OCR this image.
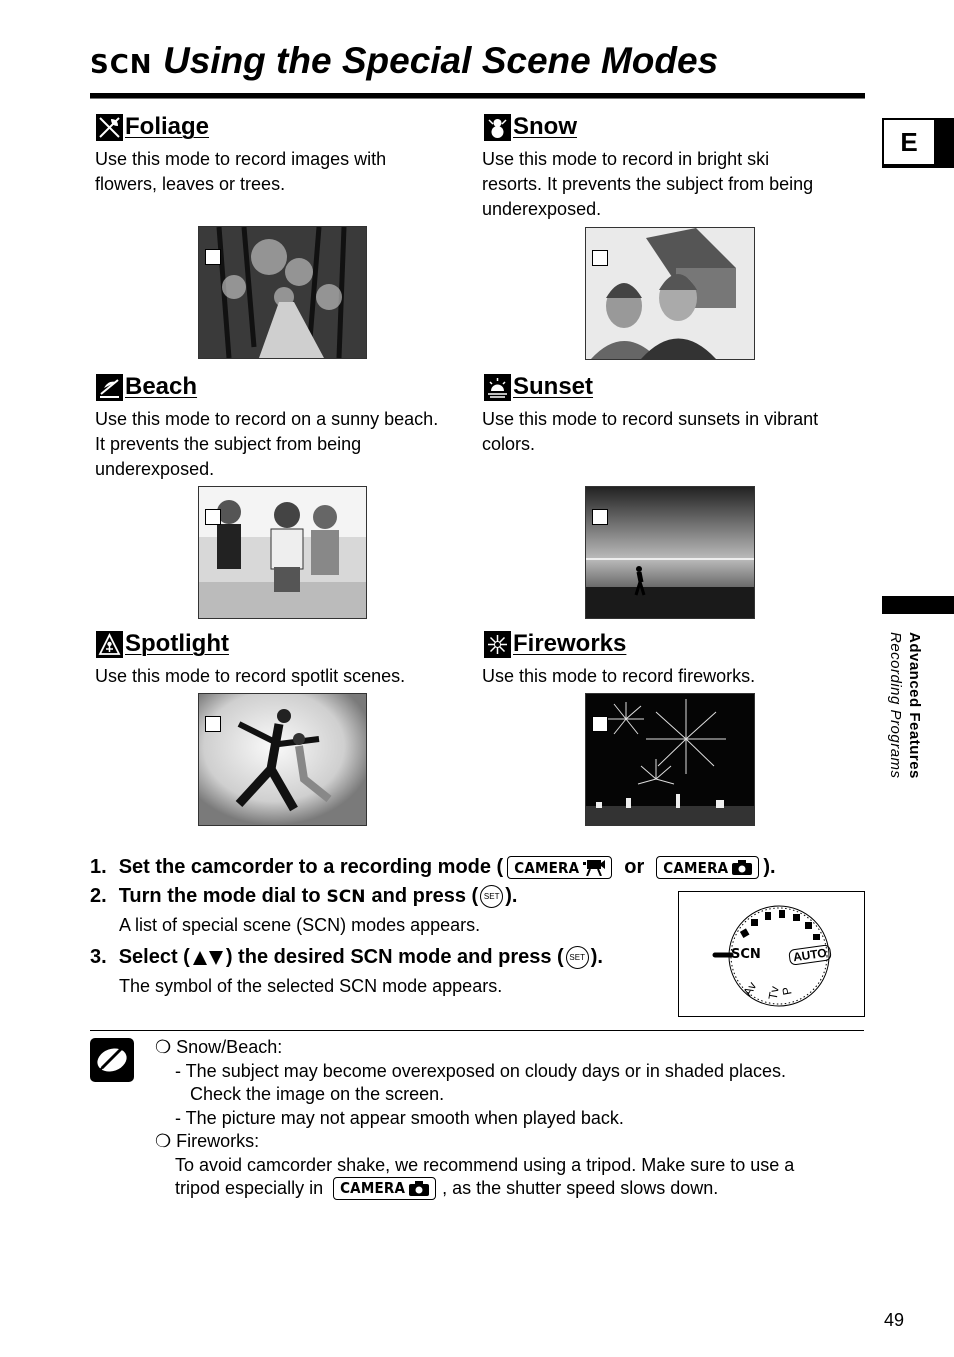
SCN Using the Special Scene Modes
E
Advanced Features
Recording Programs
Foliage
Use this mode to record images with
flowers, leaves or trees.
Snow
Use this mode to record in bright ski
resorts. It prevents the subject from being
underexposed.
Beach
Use this mode to record on a sunny beach.
It prevents the subject from being
underexposed.
Sunset
Use this mode to record sunsets in vibrant
colors.
Spotlight
Use this mode to record spotlit scenes.
Fireworks
Use this mode to record fireworks.
1. Set the camcorder to a recording mode ( CAMERA or CAMERA ).
2. Turn the mode dial to SCN and press ( SET ).
A list of special scene (SCN) modes appears.
3. Select ( ) the desired SCN mode and press ( SET ).
The symbol of the selected SCN mode appears.
SCN	AUTO
Av Tv
P
❍ Snow/Beach:
- The subject may become overexposed on cloudy days or in shaded places.
Check the image on the screen.
- The picture may not appear smooth when played back.
❍ Fireworks:
To avoid camcorder shake, we recommend using a tripod. Make sure to use a
tripod especially in CAMERA , as the shutter speed slows down.
49
